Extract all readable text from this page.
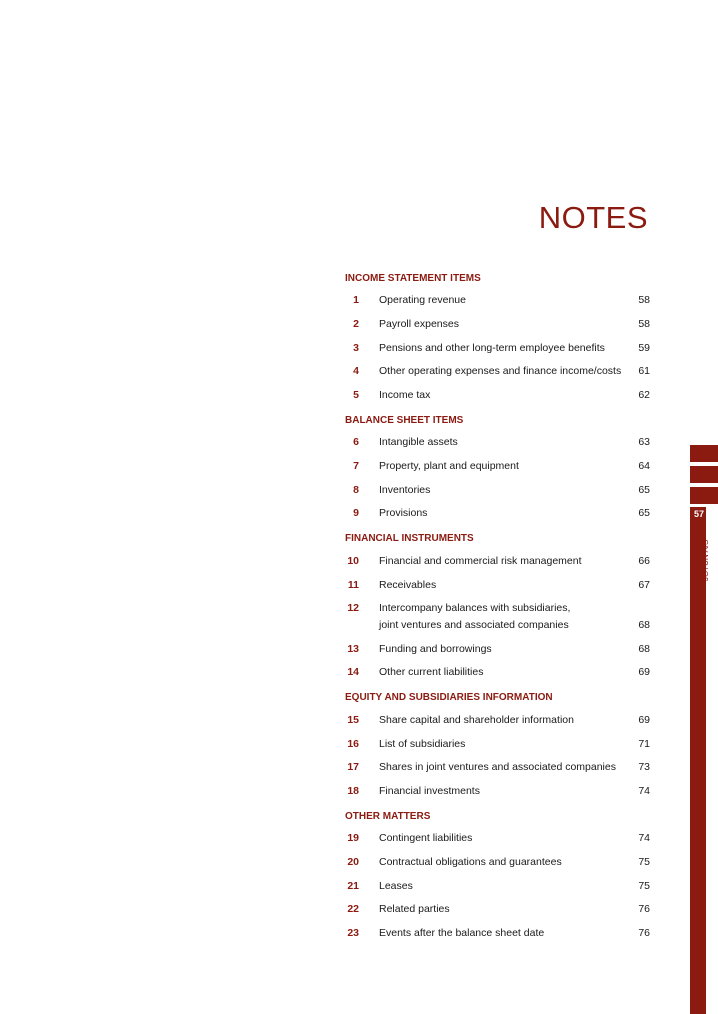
NOTES
INCOME STATEMENT ITEMS
1 Operating revenue	58
2 Payroll expenses	58
3 Pensions and other long-term employee benefits	59
4 Other operating expenses and finance income/costs 61
5 Income tax	62
BALANCE SHEET ITEMS
6 Intangible assets	63
7 Property, plant and equipment	64
8 Inventories	65
9 Provisions	65
FINANCIAL INSTRUMENTS
10 Financial and commercial risk management	66
11 Receivables	67
12 Intercompany balances with subsidiaries,
joint ventures and associated companies	68
13 Funding and borrowings	68
14 Other current liabilities	69
EQUITY AND SUBSIDIARIES INFORMATION
15 Share capital and shareholder information	69
16 List of subsidiaries	71
17 Shares in joint ventures and associated companies	73
18 Financial investments	74
OTHER MATTERS
19 Contingent liabilities	74
20 Contractual obligations and guarantees	75
21 Leases	75
22 Related parties	76
23 Events after the balance sheet date	76
57
JOTUN A/S
